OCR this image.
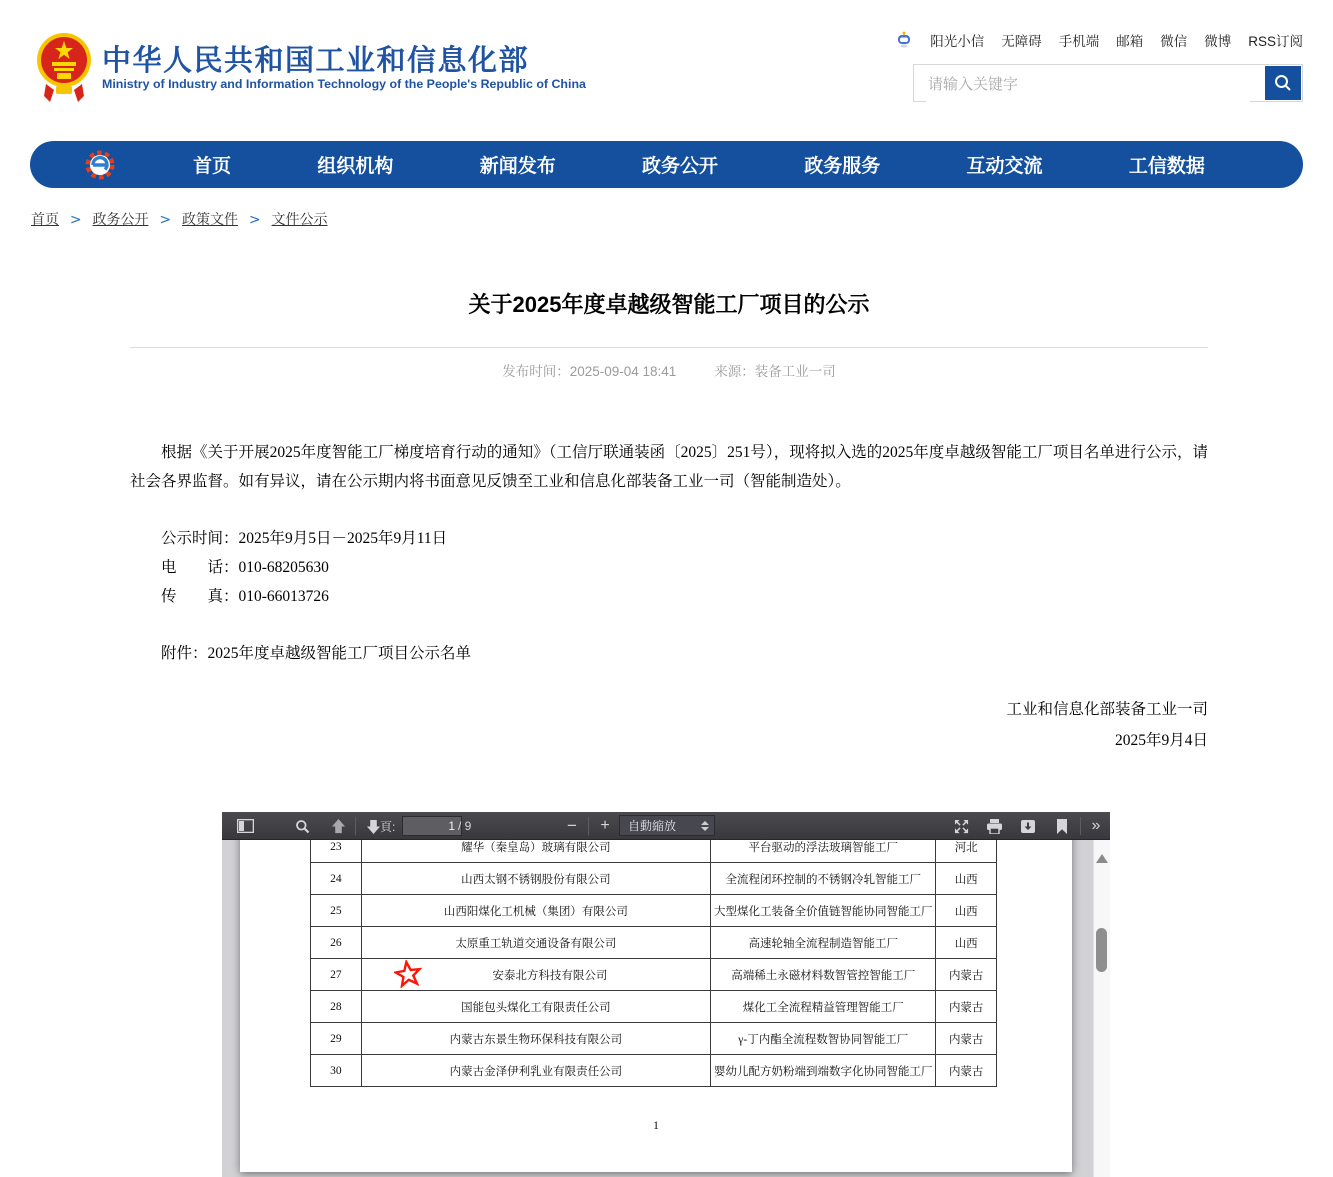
中华人民共和国工业和信息化部
Ministry of Industry and Information Technology of the People's Republic of China
阳光小信 无障碍 手机端 邮箱 微信 微博 RSS订阅
请输入关键字
首页	组织机构	新闻发布	政务公开	政务服务	互动交流	工信数据
首页 > 政务公开 > 政策文件 > 文件公示
关于2025年度卓越级智能工厂项目的公示
发布时间：2025-09-04 18:41	来源：装备工业一司

根据《关于开展2025年度智能工厂梯度培育行动的通知》（工信厅联通装函〔2025〕251号），现将拟入选的2025年度卓越级智能工厂项目名单进行公示，请社会各界监督。如有异议，请在公示期内将书面意见反馈至工业和信息化部装备工业一司（智能制造处）。

公示时间：2025年9月5日－2025年9月11日

电　　话：010-68205630

传　　真：010-66013726

附件：2025年度卓越级智能工厂项目公示名单

工业和信息化部装备工业一司

2025年9月4日

頁:
1	/ 9	−	+	自動縮放	»
23	耀华（秦皇岛）玻璃有限公司	平台驱动的浮法玻璃智能工厂	河北
24	山西太钢不锈钢股份有限公司	全流程闭环控制的不锈钢冷轧智能工厂	山西
25	山西阳煤化工机械（集团）有限公司	大型煤化工装备全价值链智能协同智能工厂	山西
26	太原重工轨道交通设备有限公司	高速轮轴全流程制造智能工厂	山西
27	安泰北方科技有限公司	高端稀土永磁材料数智管控智能工厂	内蒙古
28	国能包头煤化工有限责任公司	煤化工全流程精益管理智能工厂	内蒙古
29	内蒙古东景生物环保科技有限公司	γ-丁内酯全流程数智协同智能工厂	内蒙古
30	内蒙古金泽伊利乳业有限责任公司	婴幼儿配方奶粉端到端数字化协同智能工厂	内蒙古
1
